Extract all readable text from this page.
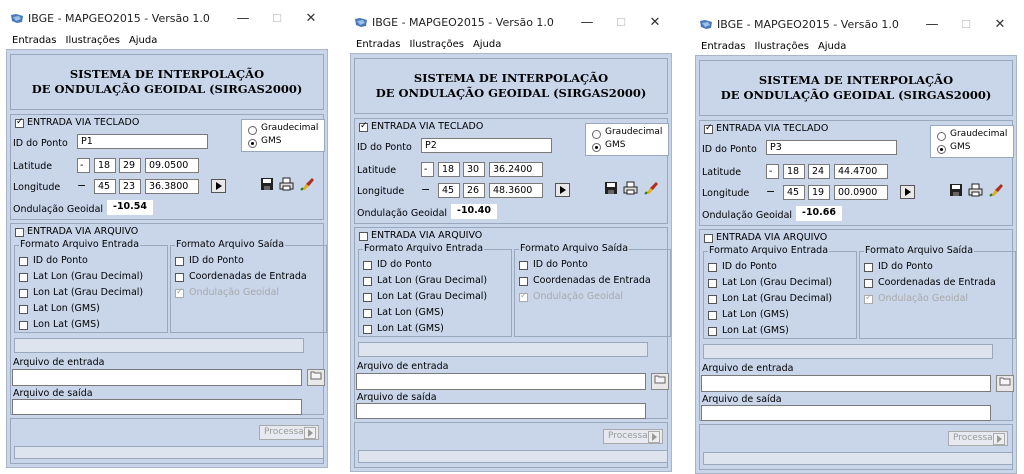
IBGE - MAPGEO2015 - Versão 1.0	—	☐	✕
Entradas Ilustrações Ajuda
SISTEMA DE INTERPOLAÇÃO
DE ONDULAÇÃO GEOIDAL (SIRGAS2000)
✓
ENTRADA VIA TECLADO
ID do Ponto	P1
Graudecimal
GMS
Latitude	-	18	29	09.0500
Longitude −	45	23	36.3800
Ondulação Geoidal	-10.54
ENTRADA VIA ARQUIVO
Formato Arquivo Entrada
ID do Ponto
Lat Lon (Grau Decimal)
Lon Lat (Grau Decimal)
Lat Lon (GMS)
Lon Lat (GMS)
Formato Arquivo Saída
ID do Ponto
Coordenadas de Entrada
✓
Ondulação Geoidal
Arquivo de entrada
Arquivo de saída
Processa
IBGE - MAPGEO2015 - Versão 1.0	—	☐	✕
Entradas Ilustrações Ajuda
SISTEMA DE INTERPOLAÇÃO
DE ONDULAÇÃO GEOIDAL (SIRGAS2000)
✓
ENTRADA VIA TECLADO
ID do Ponto	P2
Graudecimal
GMS
Latitude	-	18	30	36.2400
Longitude −	45	26	48.3600
Ondulação Geoidal	-10.40
ENTRADA VIA ARQUIVO
Formato Arquivo Entrada
ID do Ponto
Lat Lon (Grau Decimal)
Lon Lat (Grau Decimal)
Lat Lon (GMS)
Lon Lat (GMS)
Formato Arquivo Saída
ID do Ponto
Coordenadas de Entrada
✓
Ondulação Geoidal
Arquivo de entrada
Arquivo de saída
Processa
IBGE - MAPGEO2015 - Versão 1.0	—	☐	✕
Entradas Ilustrações Ajuda
SISTEMA DE INTERPOLAÇÃO
DE ONDULAÇÃO GEOIDAL (SIRGAS2000)
✓
ENTRADA VIA TECLADO
ID do Ponto	P3
Graudecimal
GMS
Latitude	-	18	24	44.4700
Longitude −	45	19	00.0900
Ondulação Geoidal	-10.66
ENTRADA VIA ARQUIVO
Formato Arquivo Entrada
ID do Ponto
Lat Lon (Grau Decimal)
Lon Lat (Grau Decimal)
Lat Lon (GMS)
Lon Lat (GMS)
Formato Arquivo Saída
ID do Ponto
Coordenadas de Entrada
✓
Ondulação Geoidal
Arquivo de entrada
Arquivo de saída
Processa
